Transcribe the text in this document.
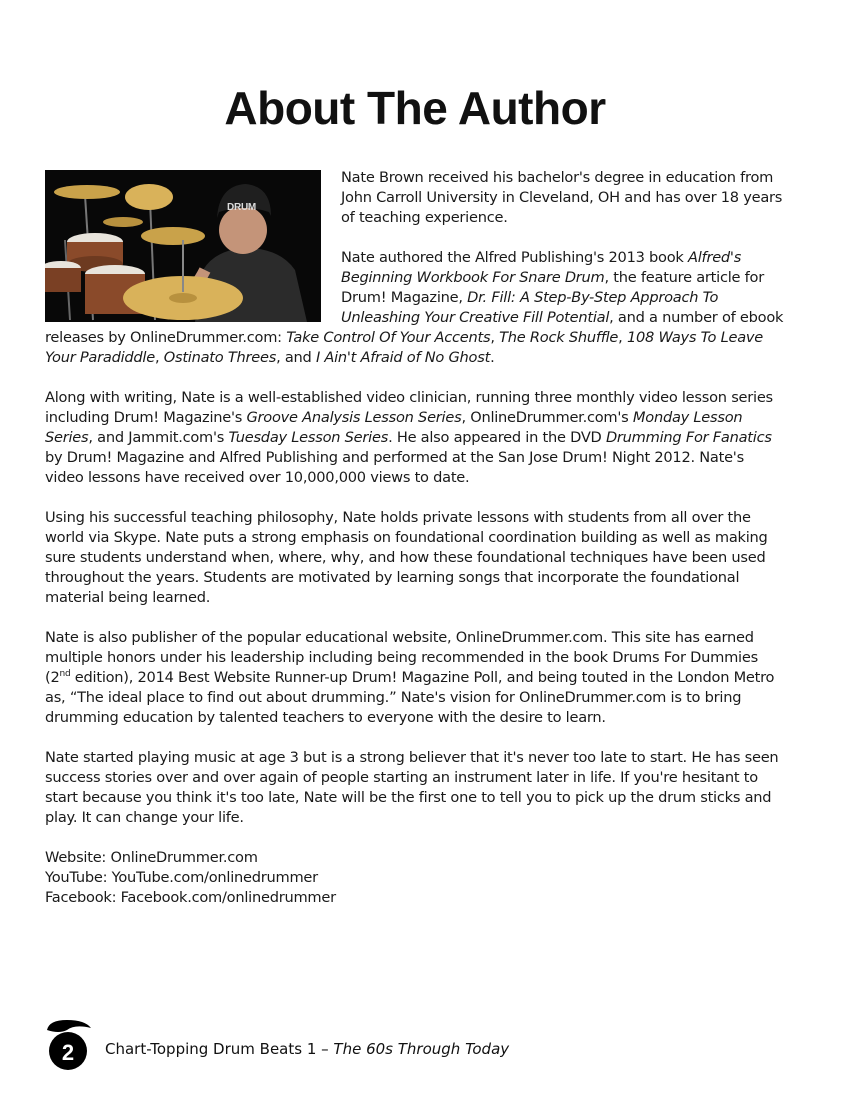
About The Author
DRUM

Nate Brown received his bachelor's degree in education from John Carroll University in Cleveland, OH and has over 18 years of teaching experience.

Nate authored the Alfred Publishing's 2013 book Alfred's Beginning Workbook For Snare Drum, the feature article for Drum! Magazine, Dr. Fill: A Step-By-Step Approach To Unleashing Your Creative Fill Potential, and a number of ebook releases by OnlineDrummer.com: Take Control Of Your Accents, The Rock Shuffle, 108 Ways To Leave Your Paradiddle, Ostinato Threes, and I Ain't Afraid of No Ghost.

Along with writing, Nate is a well-established video clinician, running three monthly video lesson series including Drum! Magazine's Groove Analysis Lesson Series, OnlineDrummer.com's Monday Lesson Series, and Jammit.com's Tuesday Lesson Series. He also appeared in the DVD Drumming For Fanatics by Drum! Magazine and Alfred Publishing and performed at the San Jose Drum! Night 2012. Nate's video lessons have received over 10,000,000 views to date.

Using his successful teaching philosophy, Nate holds private lessons with students from all over the world via Skype. Nate puts a strong emphasis on foundational coordination building as well as making sure students understand when, where, why, and how these foundational techniques have been used throughout the years. Students are motivated by learning songs that incorporate the foundational material being learned.

Nate is also publisher of the popular educational website, OnlineDrummer.com. This site has earned multiple honors under his leadership including being recommended in the book Drums For Dummies (2nd edition), 2014 Best Website Runner-up Drum! Magazine Poll, and being touted in the London Metro as, “The ideal place to find out about drumming.” Nate's vision for OnlineDrummer.com is to bring drumming education by talented teachers to everyone with the desire to learn.

Nate started playing music at age 3 but is a strong believer that it's never too late to start. He has seen success stories over and over again of people starting an instrument later in life. If you're hesitant to start because you think it's too late, Nate will be the first one to tell you to pick up the drum sticks and play. It can change your life.

Website: OnlineDrummer.com

YouTube: YouTube.com/onlinedrummer

Facebook: Facebook.com/onlinedrummer

2 Chart-Topping Drum Beats 1 – The 60s Through Today
